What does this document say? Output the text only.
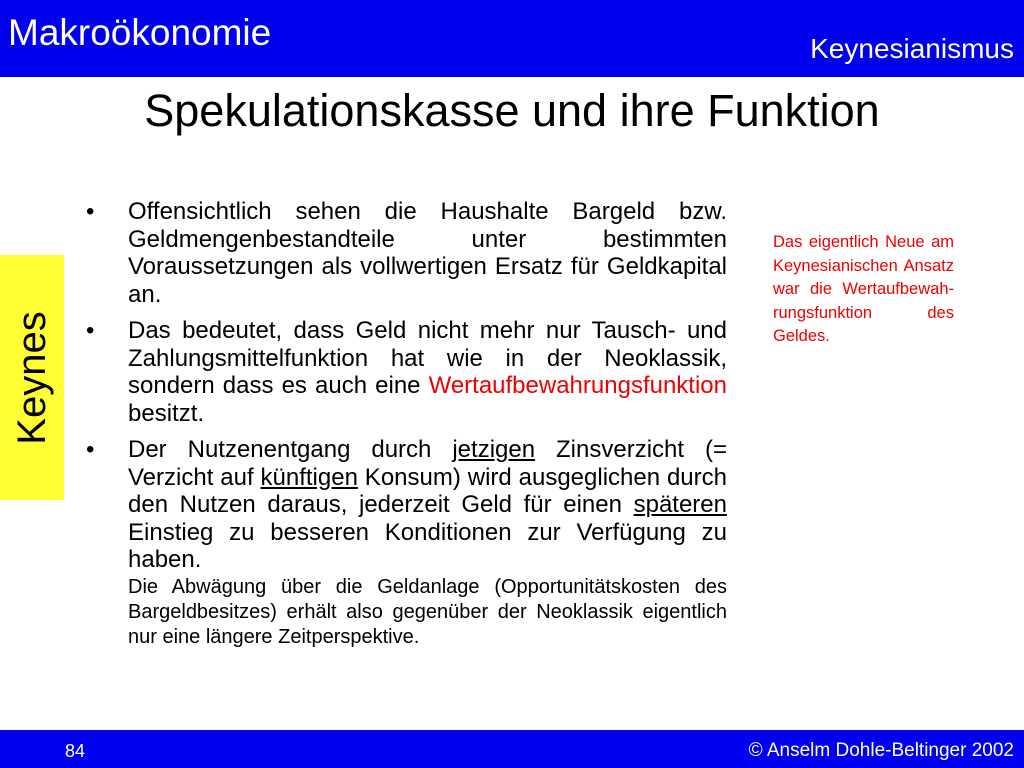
Makroökonomie	Keynesianismus
Spekulationskasse und ihre Funktion
Keynes
• Offensichtlich sehen die Haushalte Bargeld bzw. Geldmengenbestandteile unter bestimmten Voraussetzungen als vollwertigen Ersatz für Geldkapital an.
• Das bedeutet, dass Geld nicht mehr nur Tausch- und Zahlungsmittelfunktion hat wie in der Neoklassik, sondern dass es auch eine Wertaufbewahrungsfunktion besitzt.
• Der Nutzenentgang durch jetzigen Zinsverzicht (= Verzicht auf künftigen Konsum) wird ausgeglichen durch den Nutzen daraus, jederzeit Geld für einen späteren Einstieg zu besseren Konditionen zur Verfügung zu haben.

Die Abwägung über die Geldanlage (Opportunitätskosten des Bargeldbesitzes) erhält also gegenüber der Neoklassik eigentlich nur eine längere Zeitperspektive.

Das eigentlich Neue am Keynesianischen Ansatz war die Wertaufbewah-rungsfunktion des Geldes.

84	© Anselm Dohle-Beltinger 2002
